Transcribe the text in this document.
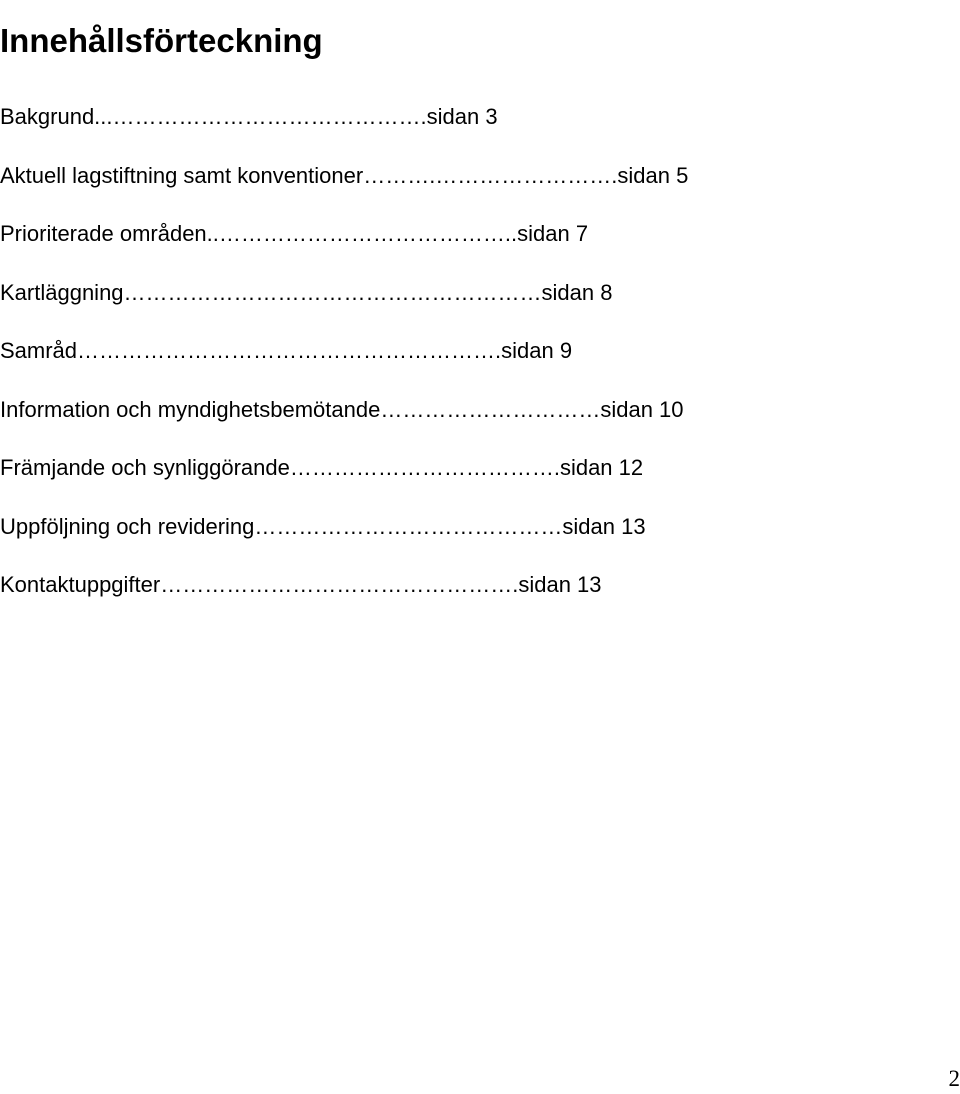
Innehållsförteckning
Bakgrund...…………………………………….sidan 3
Aktuell lagstiftning samt konventioner……….…………………….sidan 5
Prioriterade områden..…………………………………..sidan 7
Kartläggning…………………………………………………sidan 8
Samråd………………………………………………….sidan 9
Information och myndighetsbemötande…………………………sidan 10
Främjande och synliggörande……………………………….sidan 12
Uppföljning och revidering……………………………………sidan 13
Kontaktuppgifter………………………………………….sidan 13
2
